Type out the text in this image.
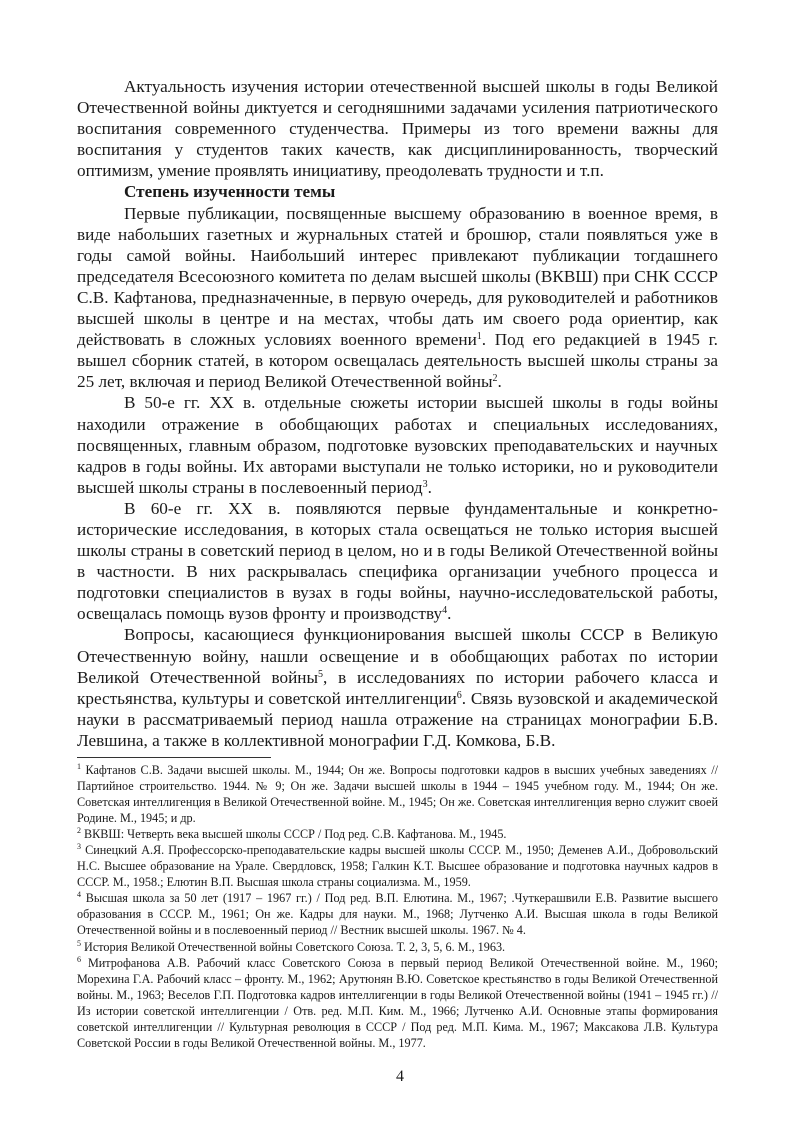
Актуальность изучения истории отечественной высшей школы в годы Великой Отечественной войны диктуется и сегодняшними задачами усиления патриотического воспитания современного студенчества. Примеры из того времени важны для воспитания у студентов таких качеств, как дисциплинированность, творческий оптимизм, умение проявлять инициативу, преодолевать трудности и т.п.

Степень изученности темы

Первые публикации, посвященные высшему образованию в военное время, в виде набольших газетных и журнальных статей и брошюр, стали появляться уже в годы самой войны. Наибольший интерес привлекают публикации тогдашнего председателя Всесоюзного комитета по делам высшей школы (ВКВШ) при СНК СССР С.В. Кафтанова, предназначенные, в первую очередь, для руководителей и работников высшей школы в центре и на местах, чтобы дать им своего рода ориентир, как действовать в сложных условиях военного времени$^1$. Под его редакцией в 1945 г. вышел сборник статей, в котором освещалась деятельность высшей школы страны за 25 лет, включая и период Великой Отечественной войны$^2$.

В 50-е гг. XX в. отдельные сюжеты истории высшей школы в годы войны находили отражение в обобщающих работах и специальных исследованиях, посвященных, главным образом, подготовке вузовских преподавательских и научных кадров в годы войны. Их авторами выступали не только историки, но и руководители высшей школы страны в послевоенный период$^3$.

В 60-е гг. XX в. появляются первые фундаментальные и конкретно-исторические исследования, в которых стала освещаться не только история высшей школы страны в советский период в целом, но и в годы Великой Отечественной войны в частности. В них раскрывалась специфика организации учебного процесса и подготовки специалистов в вузах в годы войны, научно-исследовательской работы, освещалась помощь вузов фронту и производству$^4$.

Вопросы, касающиеся функционирования высшей школы СССР в Великую Отечественную войну, нашли освещение и в обобщающих работах по истории Великой Отечественной войны$^5$, в исследованиях по истории рабочего класса и крестьянства, культуры и советской интеллигенции$^6$. Связь вузовской и академической науки в рассматриваемый период нашла отражение на страницах монографии Б.В. Левшина, а также в коллективной монографии Г.Д. Комкова, Б.В.

$^1$ Кафтанов С.В. Задачи высшей школы. М., 1944; Он же. Вопросы подготовки кадров в высших учебных заведениях // Партийное строительство. 1944. № 9; Он же. Задачи высшей школы в 1944 – 1945 учебном году. М., 1944; Он же. Советская интеллигенция в Великой Отечественной войне. М., 1945; Он же. Советская интеллигенция верно служит своей Родине. М., 1945; и др.

$^2$ ВКВШ: Четверть века высшей школы СССР / Под ред. С.В. Кафтанова. М., 1945.

$^3$ Синецкий А.Я. Профессорско-преподавательские кадры высшей школы СССР. М., 1950; Деменев А.И., Добровольский Н.С. Высшее образование на Урале. Свердловск, 1958; Галкин К.Т. Высшее образование и подготовка научных кадров в СССР. М., 1958.; Елютин В.П. Высшая школа страны социализма. М., 1959.

$^4$ Высшая школа за 50 лет (1917 – 1967 гг.) / Под ред. В.П. Елютина. М., 1967; .Чуткерашвили Е.В. Развитие высшего образования в СССР. М., 1961; Он же. Кадры для науки. М., 1968; Лутченко А.И. Высшая школа в годы Великой Отечественной войны и в послевоенный период // Вестник высшей школы. 1967. № 4.

$^5$ История Великой Отечественной войны Советского Союза. Т. 2, 3, 5, 6. М., 1963.

$^6$ Митрофанова А.В. Рабочий класс Советского Союза в первый период Великой Отечественной войне. М., 1960; Морехина Г.А. Рабочий класс – фронту. М., 1962; Арутюнян В.Ю. Советское крестьянство в годы Великой Отечественной войны. М., 1963; Веселов Г.П. Подготовка кадров интеллигенции в годы Великой Отечественной войны (1941 – 1945 гг.) // Из истории советской интеллигенции / Отв. ред. М.П. Ким. М., 1966; Лутченко А.И. Основные этапы формирования советской интеллигенции // Культурная революция в СССР / Под ред. М.П. Кима. М., 1967; Максакова Л.В. Культура Советской России в годы Великой Отечественной войны. М., 1977.

4
